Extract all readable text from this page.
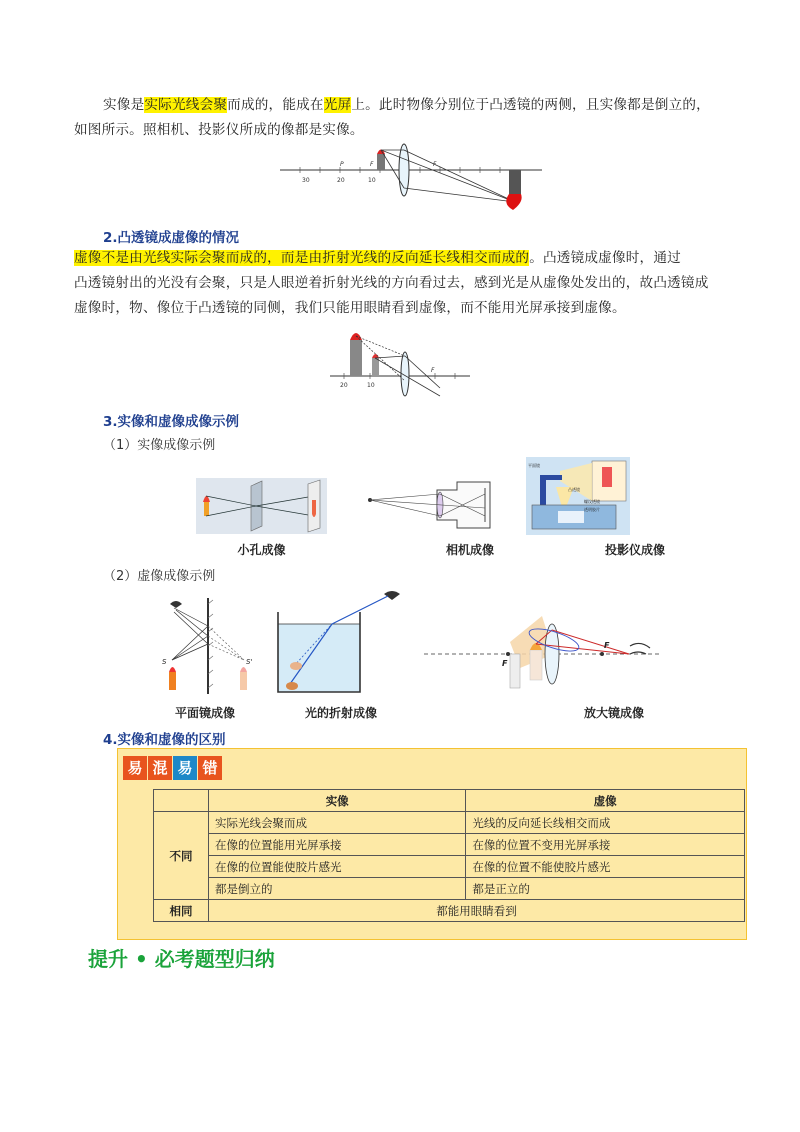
实像是实际光线会聚而成的，能成在光屏上。此时物像分别位于凸透镜的两侧，且实像都是倒立的，
如图所示。照相机、投影仪所成的像都是实像。
30	20	10
P	F	F
2.凸透镜成虚像的情况
虚像不是由光线实际会聚而成的，而是由折射光线的反向延长线相交而成的。凸透镜成虚像时，通过
凸透镜射出的光没有会聚，只是人眼逆着折射光线的方向看过去，感到光是从虚像处发出的，故凸透镜成
虚像时，物、像位于凸透镜的同侧，我们只能用眼睛看到虚像，而不能用光屏承接到虚像。
20	10
F
3.实像和虚像成像示例
（1）实像成像示例
小孔成像	相机成像
平面镜
凸透镜
螺纹透镜
透明胶片
投影仪成像
（2）虚像成像示例
S	S'
平面镜成像	光的折射成像
F
F
放大镜成像
4.实像和虚像的区别
易 混 易 错
	实像	虚像
不同	实际光线会聚而成	光线的反向延长线相交而成
	在像的位置能用光屏承接	在像的位置不变用光屏承接
	在像的位置能使胶片感光	在像的位置不能使胶片感光
	都是倒立的	都是正立的
相同	都能用眼睛看到	
提升 • 必考题型归纳
